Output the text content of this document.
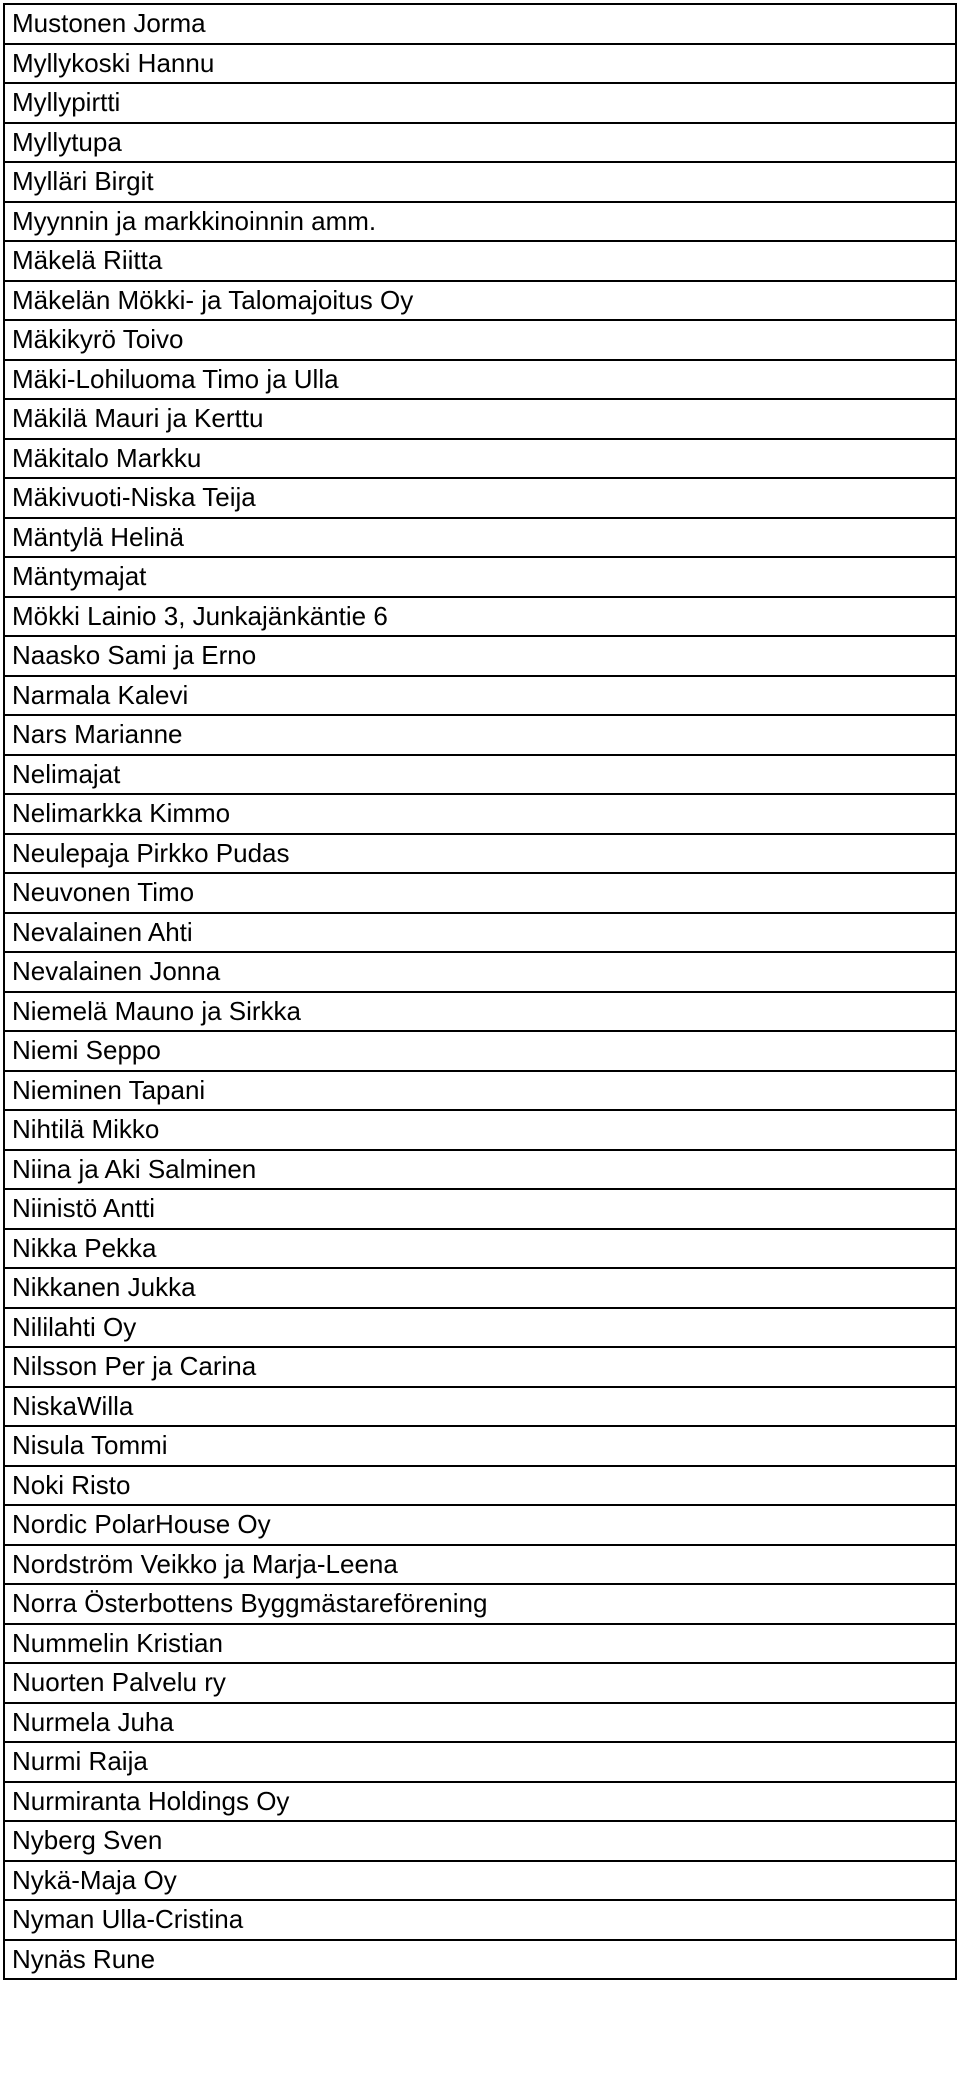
Mustonen Jorma
Myllykoski Hannu
Myllypirtti
Myllytupa
Mylläri Birgit
Myynnin ja markkinoinnin amm.
Mäkelä Riitta
Mäkelän Mökki- ja Talomajoitus Oy
Mäkikyrö Toivo
Mäki-Lohiluoma Timo ja Ulla
Mäkilä Mauri ja Kerttu
Mäkitalo Markku
Mäkivuoti-Niska Teija
Mäntylä Helinä
Mäntymajat
Mökki Lainio 3, Junkajänkäntie 6
Naasko Sami ja Erno
Narmala Kalevi
Nars Marianne
Nelimajat
Nelimarkka Kimmo
Neulepaja Pirkko Pudas
Neuvonen Timo
Nevalainen Ahti
Nevalainen Jonna
Niemelä Mauno ja Sirkka
Niemi Seppo
Nieminen Tapani
Nihtilä Mikko
Niina ja Aki Salminen
Niinistö Antti
Nikka Pekka
Nikkanen Jukka
Nililahti Oy
Nilsson Per ja Carina
NiskaWilla
Nisula Tommi
Noki Risto
Nordic PolarHouse Oy
Nordström Veikko ja Marja-Leena
Norra Österbottens Byggmästareförening
Nummelin Kristian
Nuorten Palvelu ry
Nurmela Juha
Nurmi Raija
Nurmiranta Holdings Oy
Nyberg Sven
Nykä-Maja Oy
Nyman Ulla-Cristina
Nynäs Rune
